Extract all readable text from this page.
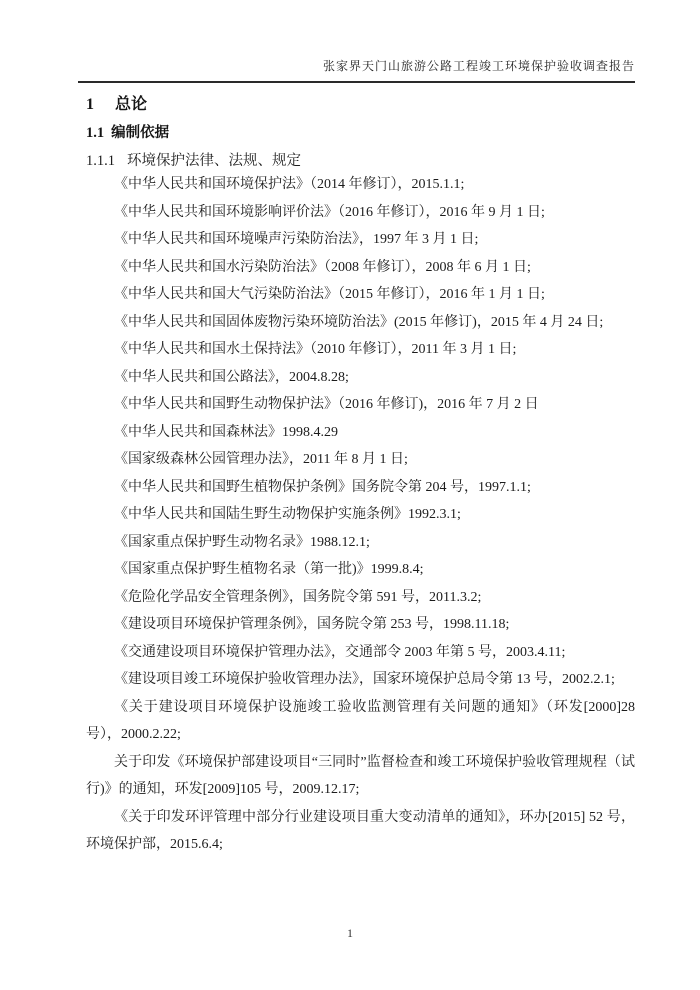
张家界天门山旅游公路工程竣工环境保护验收调查报告
1 总论
1.1 编制依据
1.1.1 环境保护法律、法规、规定

《中华人民共和国环境保护法》（2014 年修订），2015.1.1;

《中华人民共和国环境影响评价法》（2016 年修订），2016 年 9 月 1 日;

《中华人民共和国环境噪声污染防治法》，1997 年 3 月 1 日;

《中华人民共和国水污染防治法》（2008 年修订），2008 年 6 月 1 日;

《中华人民共和国大气污染防治法》（2015 年修订），2016 年 1 月 1 日;

《中华人民共和国固体废物污染环境防治法》(2015 年修订)，2015 年 4 月 24 日;

《中华人民共和国水土保持法》（2010 年修订），2011 年 3 月 1 日;

《中华人民共和国公路法》，2004.8.28;

《中华人民共和国野生动物保护法》（2016 年修订)，2016 年 7 月 2 日

《中华人民共和国森林法》1998.4.29

《国家级森林公园管理办法》，2011 年 8 月 1 日;

《中华人民共和国野生植物保护条例》国务院令第 204 号，1997.1.1;

《中华人民共和国陆生野生动物保护实施条例》1992.3.1;

《国家重点保护野生动物名录》1988.12.1;

《国家重点保护野生植物名录（第一批)》1999.8.4;

《危险化学品安全管理条例》，国务院令第 591 号，2011.3.2;

《建设项目环境保护管理条例》，国务院令第 253 号，1998.11.18;

《交通建设项目环境保护管理办法》，交通部令 2003 年第 5 号，2003.4.11;

《建设项目竣工环境保护验收管理办法》，国家环境保护总局令第 13 号，2002.2.1;

《关于建设项目环境保护设施竣工验收监测管理有关问题的通知》（环发[2000]28 号），2000.2.22;

关于印发《环境保护部建设项目“三同时”监督检查和竣工环境保护验收管理规程（试行)》的通知，环发[2009]105 号，2009.12.17;

《关于印发环评管理中部分行业建设项目重大变动清单的通知》，环办[2015] 52 号，环境保护部，2015.6.4;

1
